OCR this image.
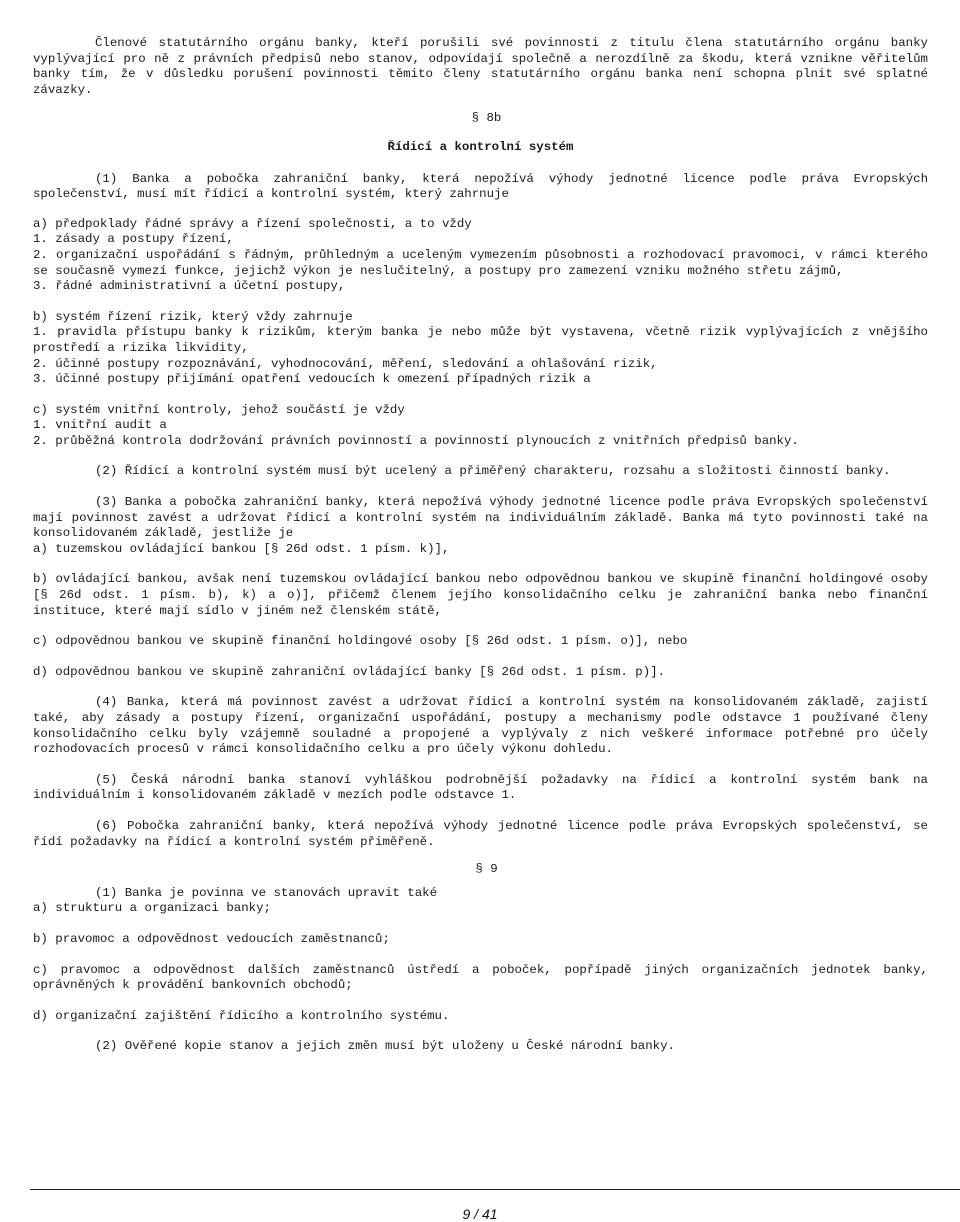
Členové statutárního orgánu banky, kteří porušili své povinnosti z titulu člena statutárního orgánu banky vyplývající pro ně z právních předpisů nebo stanov, odpovídají společně a nerozdílně za škodu, která vznikne věřitelům banky tím, že v důsledku porušení povinnosti těmito členy statutárního orgánu banka není schopna plnit své splatné závazky.

§ 8b

Řídicí a kontrolní systém

(1) Banka a pobočka zahraniční banky, která nepožívá výhody jednotné licence podle práva Evropských společenství, musí mít řídicí a kontrolní systém, který zahrnuje

a) předpoklady řádné správy a řízení společnosti, a to vždy

1. zásady a postupy řízení,

2. organizační uspořádání s řádným, průhledným a uceleným vymezením působnosti a rozhodovací pravomoci, v rámci kterého se současně vymezí funkce, jejichž výkon je neslučitelný, a postupy pro zamezení vzniku možného střetu zájmů,

3. řádné administrativní a účetní postupy,

b) systém řízení rizik, který vždy zahrnuje

1. pravidla přístupu banky k rizikům, kterým banka je nebo může být vystavena, včetně rizik vyplývajících z vnějšího prostředí a rizika likvidity,

2. účinné postupy rozpoznávání, vyhodnocování, měření, sledování a ohlašování rizik,

3. účinné postupy přijímání opatření vedoucích k omezení případných rizik a

c) systém vnitřní kontroly, jehož součástí je vždy

1. vnitřní audit a

2. průběžná kontrola dodržování právních povinností a povinností plynoucích z vnitřních předpisů banky.

(2) Řídicí a kontrolní systém musí být ucelený a přiměřený charakteru, rozsahu a složitosti činností banky.

(3) Banka a pobočka zahraniční banky, která nepožívá výhody jednotné licence podle práva Evropských společenství mají povinnost zavést a udržovat řídicí a kontrolní systém na individuálním základě. Banka má tyto povinnosti také na konsolidovaném základě, jestliže je

a) tuzemskou ovládající bankou [§ 26d odst. 1 písm. k)],

b) ovládající bankou, avšak není tuzemskou ovládající bankou nebo odpovědnou bankou ve skupině finanční holdingové osoby [§ 26d odst. 1 písm. b), k) a o)], přičemž členem jejího konsolidačního celku je zahraniční banka nebo finanční instituce, které mají sídlo v jiném než členském státě,

c) odpovědnou bankou ve skupině finanční holdingové osoby [§ 26d odst. 1 písm. o)], nebo

d) odpovědnou bankou ve skupině zahraniční ovládající banky [§ 26d odst. 1 písm. p)].

(4) Banka, která má povinnost zavést a udržovat řídicí a kontrolní systém na konsolidovaném základě, zajistí také, aby zásady a postupy řízení, organizační uspořádání, postupy a mechanismy podle odstavce 1 používané členy konsolidačního celku byly vzájemně souladné a propojené a vyplývaly z nich veškeré informace potřebné pro účely rozhodovacích procesů v rámci konsolidačního celku a pro účely výkonu dohledu.

(5) Česká národní banka stanoví vyhláškou podrobnější požadavky na řídicí a kontrolní systém bank na individuálním i konsolidovaném základě v mezích podle odstavce 1.

(6) Pobočka zahraniční banky, která nepožívá výhody jednotné licence podle práva Evropských společenství, se řídí požadavky na řídicí a kontrolní systém přiměřeně.

§ 9

(1) Banka je povinna ve stanovách upravit také

a) strukturu a organizaci banky;

b) pravomoc a odpovědnost vedoucích zaměstnanců;

c) pravomoc a odpovědnost dalších zaměstnanců ústředí a poboček, popřípadě jiných organizačních jednotek banky, oprávněných k provádění bankovních obchodů;

d) organizační zajištění řídicího a kontrolního systému.

(2) Ověřené kopie stanov a jejich změn musí být uloženy u České národní banky.

9 / 41
